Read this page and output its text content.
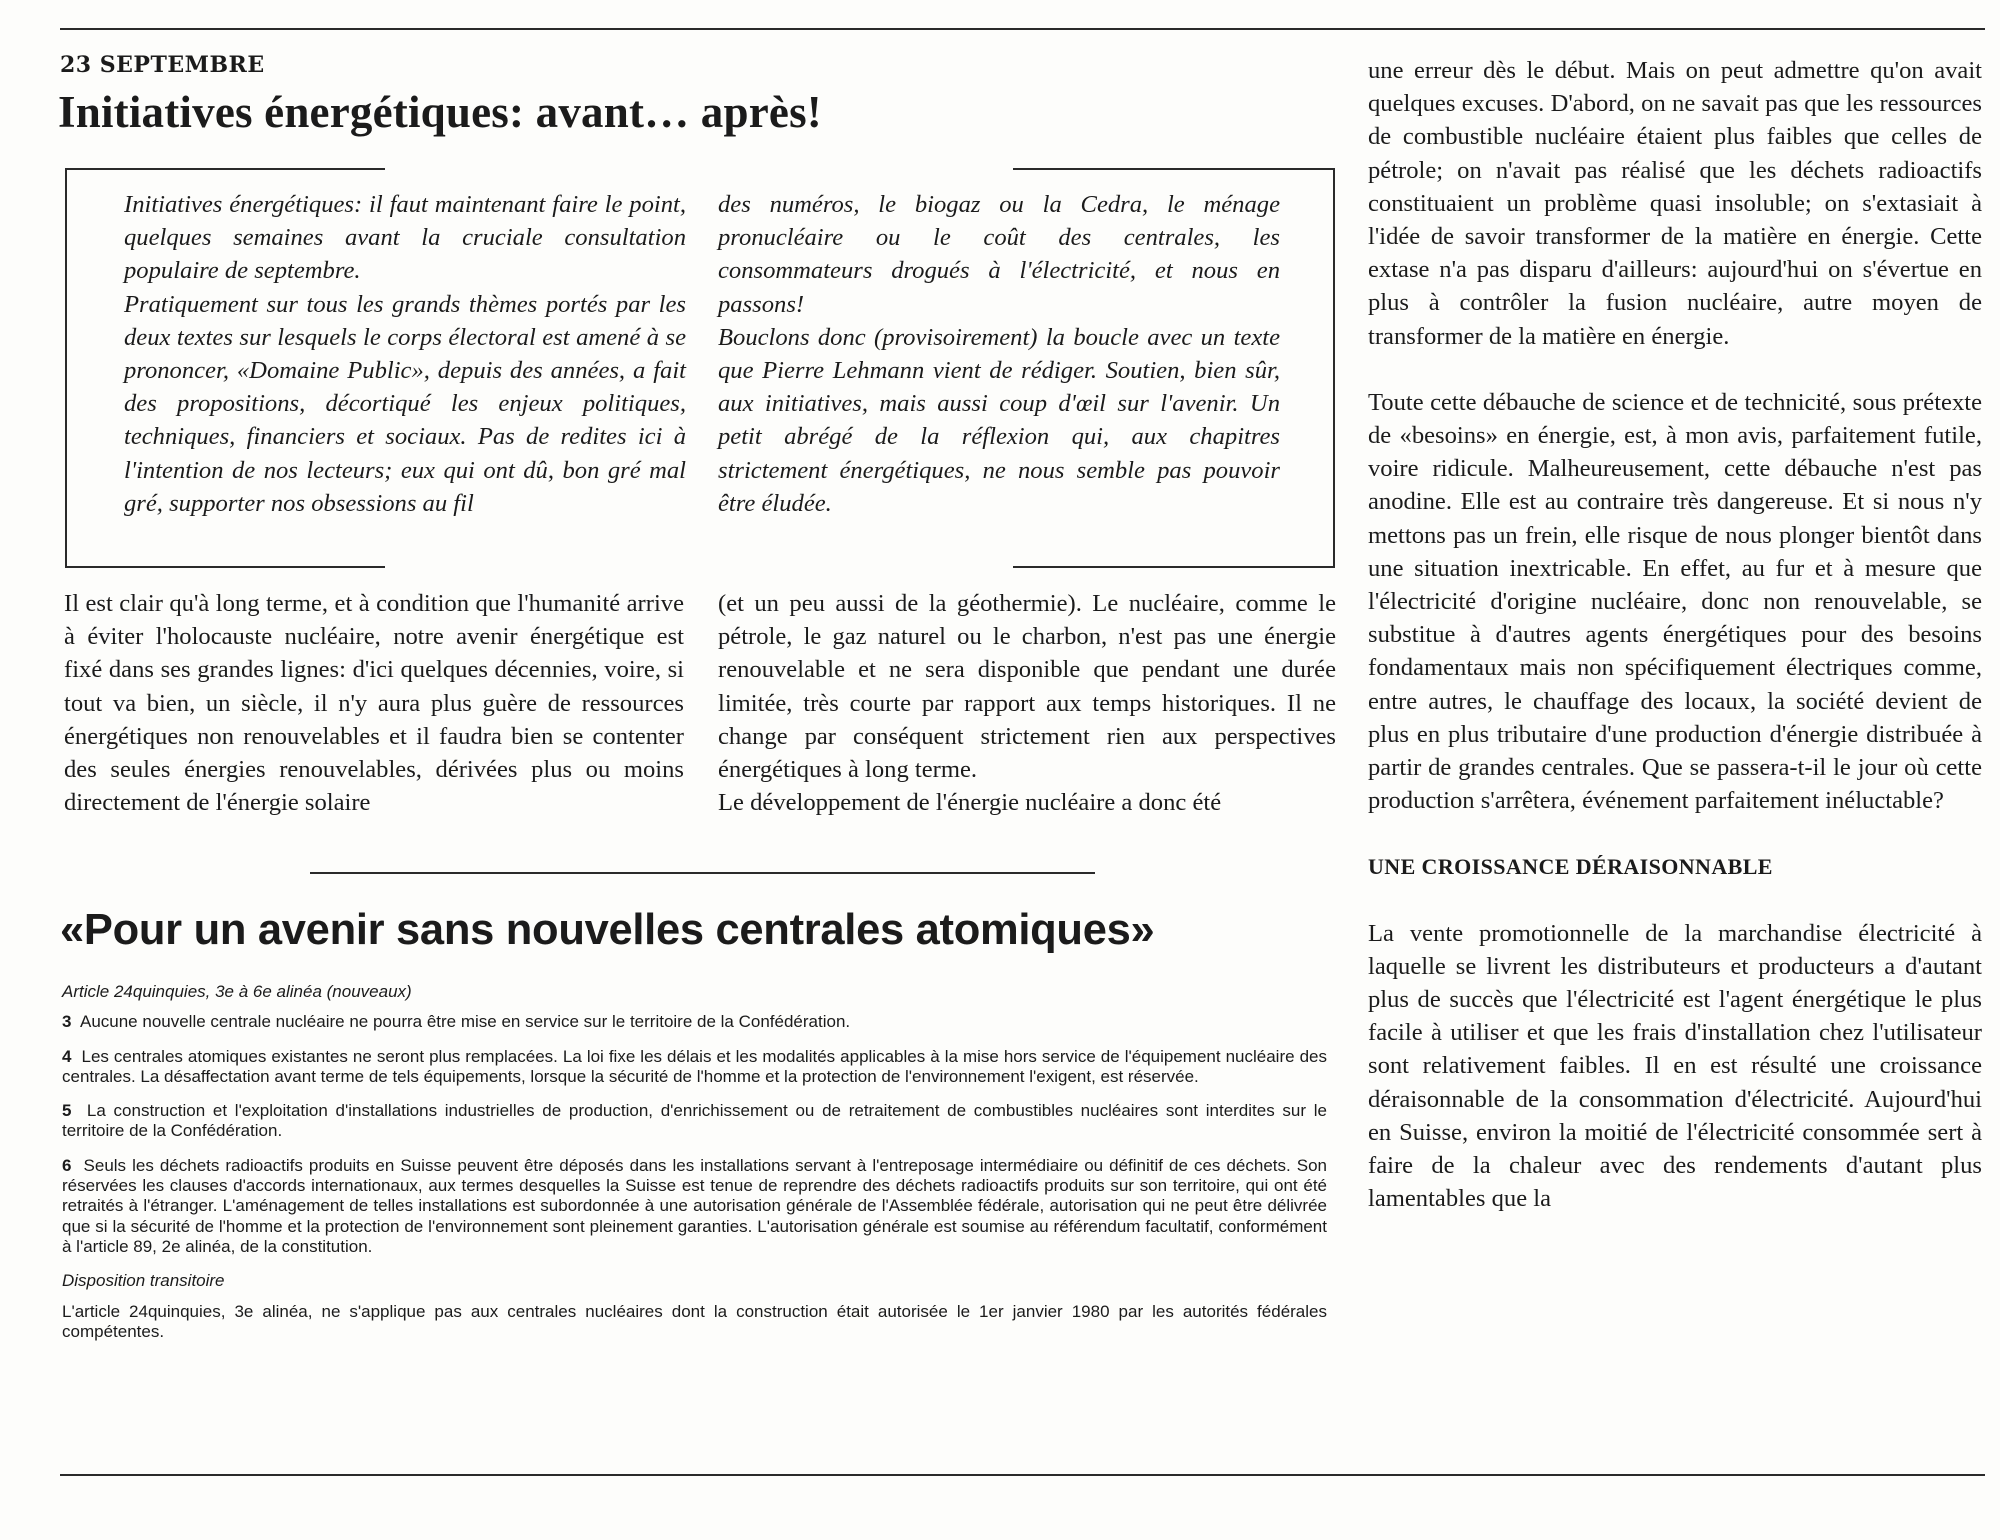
23 SEPTEMBRE
Initiatives énergétiques: avant… après!

Initiatives énergétiques: il faut maintenant faire le point, quelques semaines avant la cruciale consultation populaire de septembre.

Pratiquement sur tous les grands thèmes portés par les deux textes sur lesquels le corps électoral est amené à se prononcer, «Domaine Public», depuis des années, a fait des propositions, décortiqué les enjeux politiques, techniques, financiers et sociaux. Pas de redites ici à l'intention de nos lecteurs; eux qui ont dû, bon gré mal gré, supporter nos obsessions au fil

des numéros, le biogaz ou la Cedra, le ménage pronucléaire ou le coût des centrales, les consommateurs drogués à l'électricité, et nous en passons!

Bouclons donc (provisoirement) la boucle avec un texte que Pierre Lehmann vient de rédiger. Soutien, bien sûr, aux initiatives, mais aussi coup d'œil sur l'avenir. Un petit abrégé de la réflexion qui, aux chapitres strictement énergétiques, ne nous semble pas pouvoir être éludée.

Il est clair qu'à long terme, et à condition que l'humanité arrive à éviter l'holocauste nucléaire, notre avenir énergétique est fixé dans ses grandes lignes: d'ici quelques décennies, voire, si tout va bien, un siècle, il n'y aura plus guère de ressources énergétiques non renouvelables et il faudra bien se contenter des seules énergies renouvelables, dérivées plus ou moins directement de l'énergie solaire

(et un peu aussi de la géothermie). Le nucléaire, comme le pétrole, le gaz naturel ou le charbon, n'est pas une énergie renouvelable et ne sera disponible que pendant une durée limitée, très courte par rapport aux temps historiques. Il ne change par conséquent strictement rien aux perspectives énergétiques à long terme.

Le développement de l'énergie nucléaire a donc été

une erreur dès le début. Mais on peut admettre qu'on avait quelques excuses. D'abord, on ne savait pas que les ressources de combustible nucléaire étaient plus faibles que celles de pétrole; on n'avait pas réalisé que les déchets radioactifs constituaient un problème quasi insoluble; on s'extasiait à l'idée de savoir transformer de la matière en énergie. Cette extase n'a pas disparu d'ailleurs: aujourd'hui on s'évertue en plus à contrôler la fusion nucléaire, autre moyen de transformer de la matière en énergie.

Toute cette débauche de science et de technicité, sous prétexte de «besoins» en énergie, est, à mon avis, parfaitement futile, voire ridicule. Malheureusement, cette débauche n'est pas anodine. Elle est au contraire très dangereuse. Et si nous n'y mettons pas un frein, elle risque de nous plonger bientôt dans une situation inextricable. En effet, au fur et à mesure que l'électricité d'origine nucléaire, donc non renouvelable, se substitue à d'autres agents énergétiques pour des besoins fondamentaux mais non spécifiquement électriques comme, entre autres, le chauffage des locaux, la société devient de plus en plus tributaire d'une production d'énergie distribuée à partir de grandes centrales. Que se passera-t-il le jour où cette production s'arrêtera, événement parfaitement inéluctable?

UNE CROISSANCE DÉRAISONNABLE

La vente promotionnelle de la marchandise électricité à laquelle se livrent les distributeurs et producteurs a d'autant plus de succès que l'électricité est l'agent énergétique le plus facile à utiliser et que les frais d'installation chez l'utilisateur sont relativement faibles. Il en est résulté une croissance déraisonnable de la consommation d'électricité. Aujourd'hui en Suisse, environ la moitié de l'électricité consommée sert à faire de la chaleur avec des rendements d'autant plus lamentables que la

«Pour un avenir sans nouvelles centrales atomiques»

Article 24quinquies, 3e à 6e alinéa (nouveaux)

3 Aucune nouvelle centrale nucléaire ne pourra être mise en service sur le territoire de la Confédération.

4 Les centrales atomiques existantes ne seront plus remplacées. La loi fixe les délais et les modalités applicables à la mise hors service de l'équipement nucléaire des centrales. La désaffectation avant terme de tels équipements, lorsque la sécurité de l'homme et la protection de l'environnement l'exigent, est réservée.

5 La construction et l'exploitation d'installations industrielles de production, d'enrichissement ou de retraitement de combustibles nucléaires sont interdites sur le territoire de la Confédération.

6 Seuls les déchets radioactifs produits en Suisse peuvent être déposés dans les installations servant à l'entreposage intermédiaire ou définitif de ces déchets. Son réservées les clauses d'accords internationaux, aux termes desquelles la Suisse est tenue de reprendre des déchets radioactifs produits sur son territoire, qui ont été retraités à l'étranger. L'aménagement de telles installations est subordonnée à une autorisation générale de l'Assemblée fédérale, autorisation qui ne peut être délivrée que si la sécurité de l'homme et la protection de l'environnement sont pleinement garanties. L'autorisation générale est soumise au référendum facultatif, conformément à l'article 89, 2e alinéa, de la constitution.

Disposition transitoire

L'article 24quinquies, 3e alinéa, ne s'applique pas aux centrales nucléaires dont la construction était autorisée le 1er janvier 1980 par les autorités fédérales compétentes.
